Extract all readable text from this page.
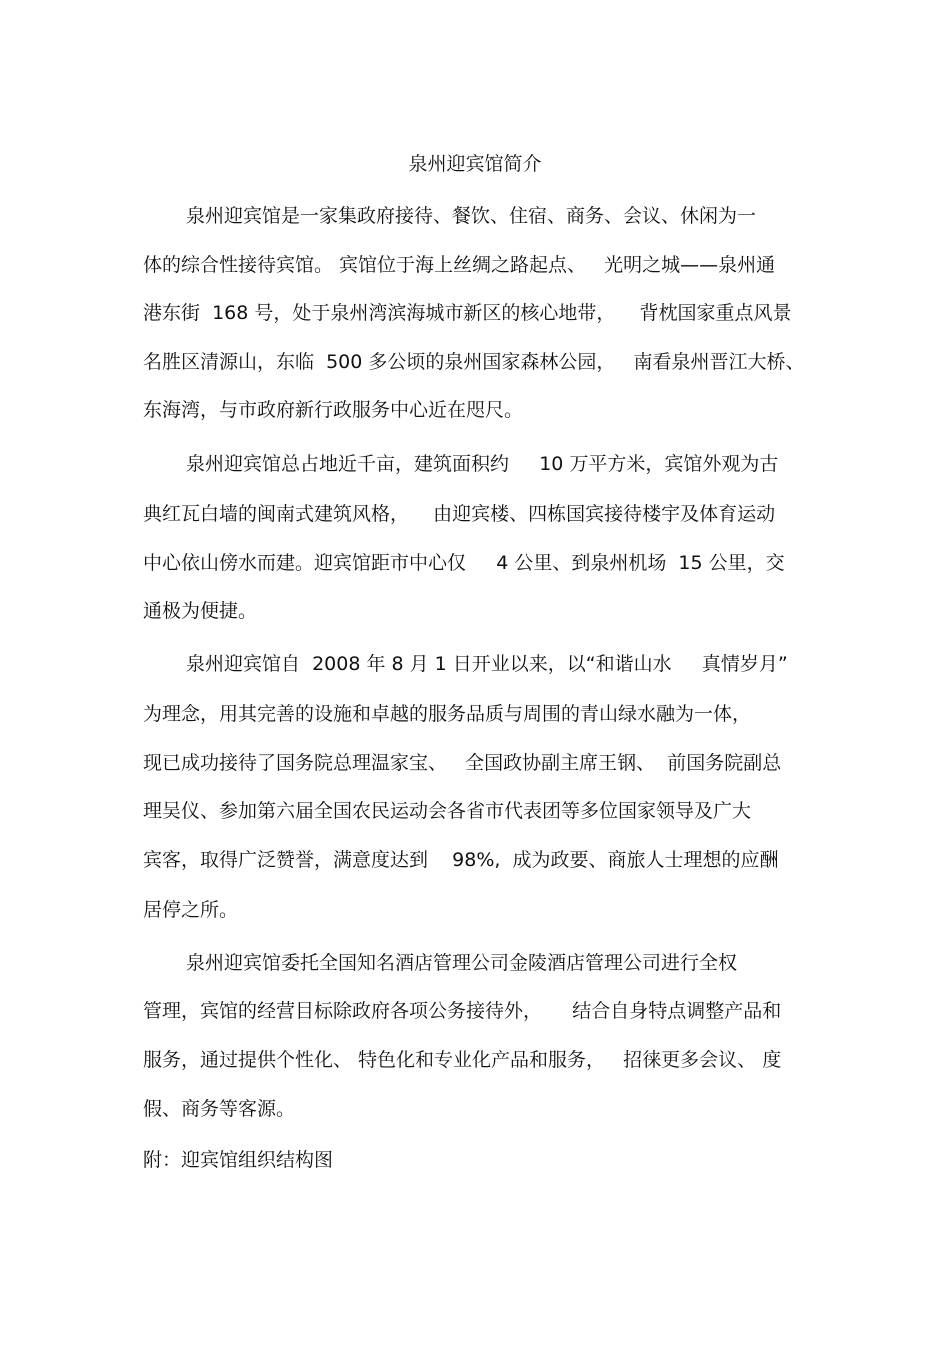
泉州迎宾馆简介
泉州迎宾馆是一家集政府接待、餐饮、住宿、商务、会议、休闲为一
体的综合性接待宾馆。 宾馆位于海上丝绸之路起点、   光明之城——泉州通
港东街  168 号，处于泉州湾滨海城市新区的核心地带，    背枕国家重点风景
名胜区清源山，东临  500 多公顷的泉州国家森林公园，   南看泉州晋江大桥、
东海湾，与市政府新行政服务中心近在咫尺。
泉州迎宾馆总占地近千亩，建筑面积约     10 万平方米，宾馆外观为古
典红瓦白墙的闽南式建筑风格，    由迎宾楼、四栋国宾接待楼宇及体育运动
中心依山傍水而建。迎宾馆距市中心仅     4 公里、到泉州机场  15 公里，交
通极为便捷。
泉州迎宾馆自  2008 年 8 月 1 日开业以来，以“和谐山水     真情岁月”
为理念，用其完善的设施和卓越的服务品质与周围的青山绿水融为一体，
现已成功接待了国务院总理温家宝、   全国政协副主席王钢、  前国务院副总
理吴仪、参加第六届全国农民运动会各省市代表团等多位国家领导及广大
宾客，取得广泛赞誉，满意度达到    98%,  成为政要、商旅人士理想的应酬
居停之所。
泉州迎宾馆委托全国知名酒店管理公司金陵酒店管理公司进行全权
管理，宾馆的经营目标除政府各项公务接待外，     结合自身特点调整产品和
服务，通过提供个性化、 特色化和专业化产品和服务，   招徕更多会议、 度
假、商务等客源。
附：迎宾馆组织结构图
